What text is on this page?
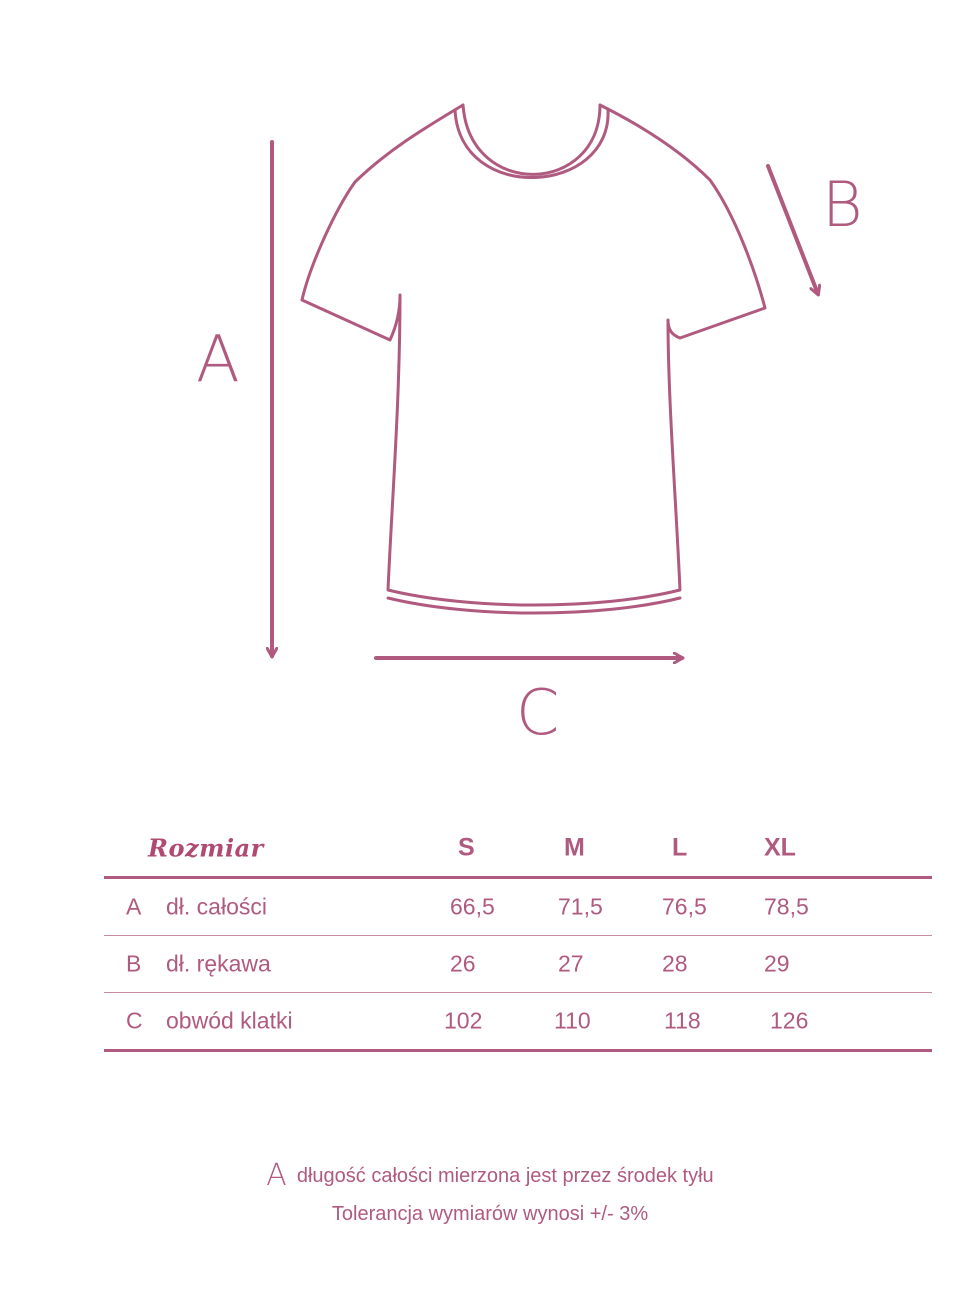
A
B
C
Rozmiar	S	M	L	XL
A dł. całości	66,5	71,5	76,5 78,5
B dł. rękawa	26	27	28	29
C obwód klatki	102	110	118	126
Adługość całości mierzona jest przez środek tyłu
Tolerancja wymiarów wynosi +/- 3%
